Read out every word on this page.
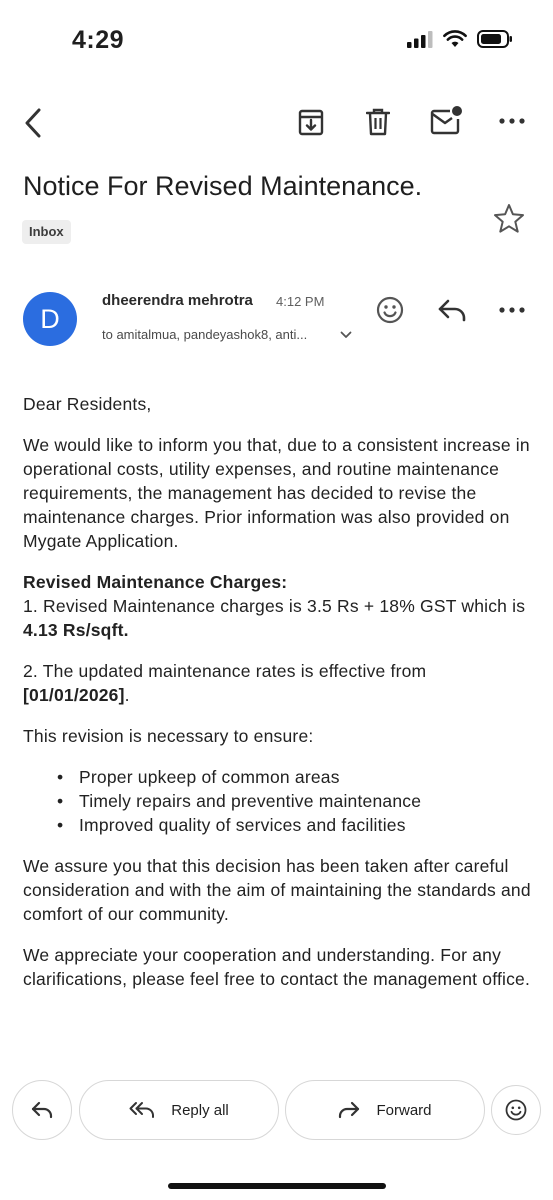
4:29
Notice For Revised Maintenance.
Inbox
D
dheerendra mehrotra 4:12 PM
to amitalmua, pandeyashok8, anti...

Dear Residents,

We would like to inform you that, due to a consistent increase in operational costs, utility expenses, and routine maintenance requirements, the management has decided to revise the maintenance charges. Prior information was also provided on Mygate Application.

Revised Maintenance Charges:
1. Revised Maintenance charges is 3.5 Rs + 18% GST which is 4.13 Rs/sqft.

2. The updated maintenance rates is effective from [01/01/2026].

This revision is necessary to ensure:

• Proper upkeep of common areas
• Timely repairs and preventive maintenance
• Improved quality of services and facilities

We assure you that this decision has been taken after careful consideration and with the aim of maintaining the standards and comfort of our community.

We appreciate your cooperation and understanding. For any clarifications, please feel free to contact the management office.

Reply all	Forward
